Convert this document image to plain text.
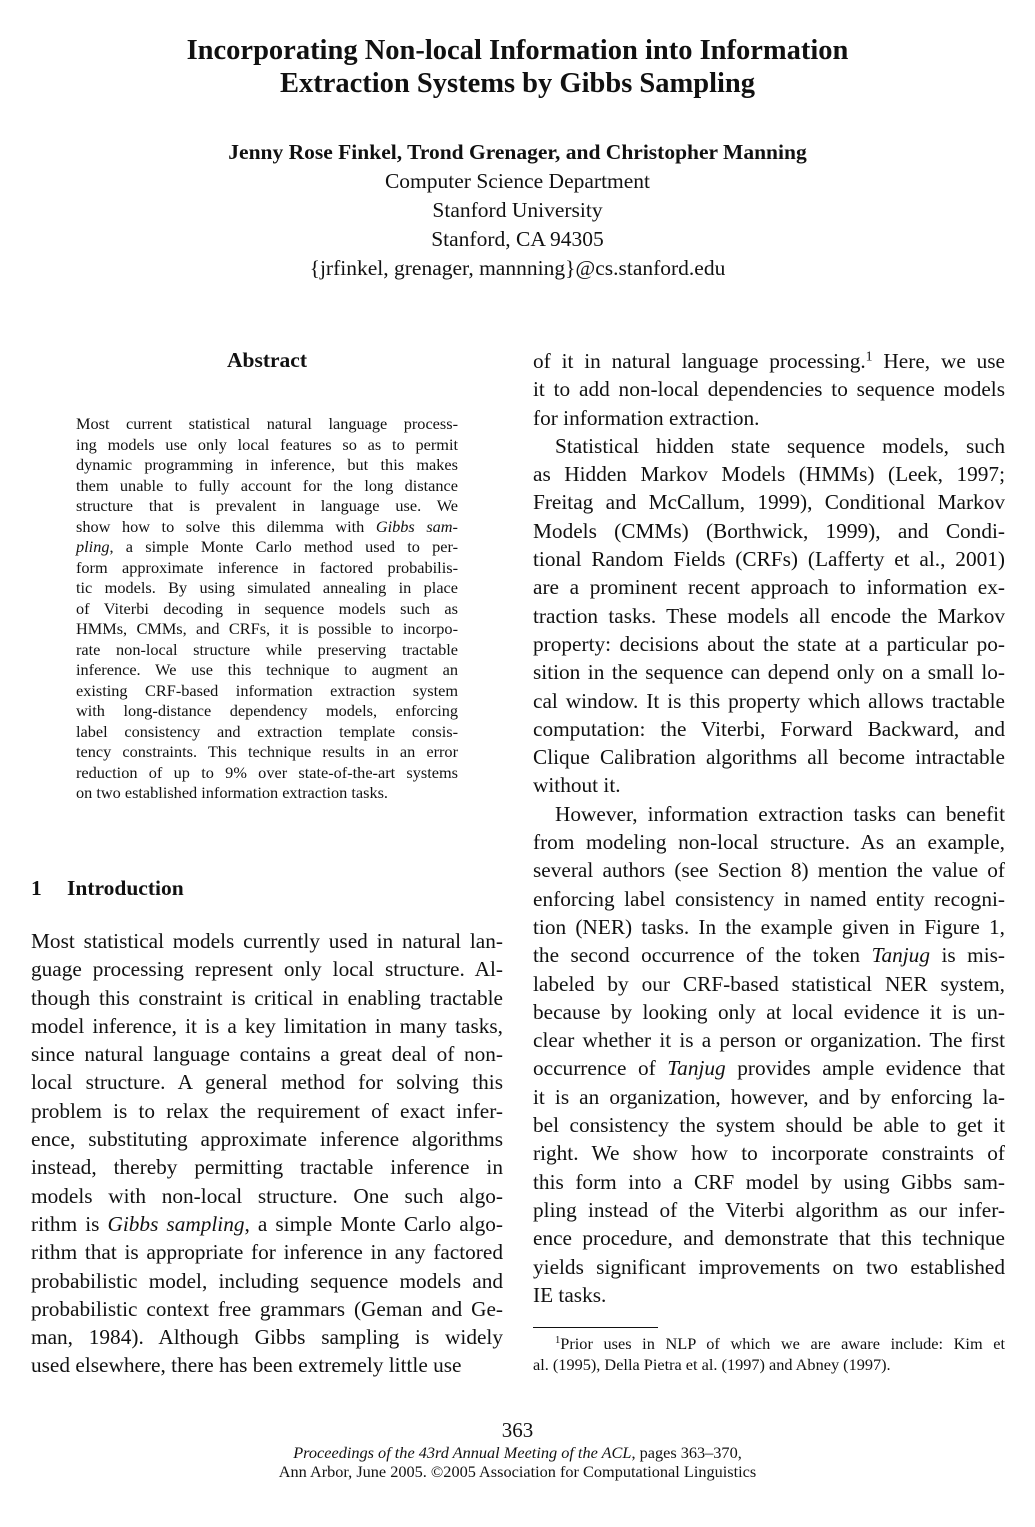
Incorporating Non-local Information into Information
Extraction Systems by Gibbs Sampling
Jenny Rose Finkel, Trond Grenager, and Christopher Manning
Computer Science Department
Stanford University
Stanford, CA 94305
{jrfinkel, grenager, mannning}@cs.stanford.edu
Abstract
Most current statistical natural language process-
ing models use only local features so as to permit
dynamic programming in inference, but this makes
them unable to fully account for the long distance
structure that is prevalent in language use. We
show how to solve this dilemma with Gibbs sam-
pling, a simple Monte Carlo method used to per-
form approximate inference in factored probabilis-
tic models. By using simulated annealing in place
of Viterbi decoding in sequence models such as
HMMs, CMMs, and CRFs, it is possible to incorpo-
rate non-local structure while preserving tractable
inference. We use this technique to augment an
existing CRF-based information extraction system
with long-distance dependency models, enforcing
label consistency and extraction template consis-
tency constraints. This technique results in an error
reduction of up to 9% over state-of-the-art systems
on two established information extraction tasks.
1 Introduction
Most statistical models currently used in natural lan-
guage processing represent only local structure. Al-
though this constraint is critical in enabling tractable
model inference, it is a key limitation in many tasks,
since natural language contains a great deal of non-
local structure. A general method for solving this
problem is to relax the requirement of exact infer-
ence, substituting approximate inference algorithms
instead, thereby permitting tractable inference in
models with non-local structure. One such algo-
rithm is Gibbs sampling, a simple Monte Carlo algo-
rithm that is appropriate for inference in any factored
probabilistic model, including sequence models and
probabilistic context free grammars (Geman and Ge-
man, 1984). Although Gibbs sampling is widely
used elsewhere, there has been extremely little use
of it in natural language processing.$^1$ Here, we use
it to add non-local dependencies to sequence models
for information extraction.
Statistical hidden state sequence models, such
as Hidden Markov Models (HMMs) (Leek, 1997;
Freitag and McCallum, 1999), Conditional Markov
Models (CMMs) (Borthwick, 1999), and Condi-
tional Random Fields (CRFs) (Lafferty et al., 2001)
are a prominent recent approach to information ex-
traction tasks. These models all encode the Markov
property: decisions about the state at a particular po-
sition in the sequence can depend only on a small lo-
cal window. It is this property which allows tractable
computation: the Viterbi, Forward Backward, and
Clique Calibration algorithms all become intractable
without it.
However, information extraction tasks can benefit
from modeling non-local structure. As an example,
several authors (see Section 8) mention the value of
enforcing label consistency in named entity recogni-
tion (NER) tasks. In the example given in Figure 1,
the second occurrence of the token Tanjug is mis-
labeled by our CRF-based statistical NER system,
because by looking only at local evidence it is un-
clear whether it is a person or organization. The first
occurrence of Tanjug provides ample evidence that
it is an organization, however, and by enforcing la-
bel consistency the system should be able to get it
right. We show how to incorporate constraints of
this form into a CRF model by using Gibbs sam-
pling instead of the Viterbi algorithm as our infer-
ence procedure, and demonstrate that this technique
yields significant improvements on two established
IE tasks.
$^1$Prior uses in NLP of which we are aware include: Kim et
al. (1995), Della Pietra et al. (1997) and Abney (1997).
363
Proceedings of the 43rd Annual Meeting of the ACL, pages 363–370,
Ann Arbor, June 2005. ©2005 Association for Computational Linguistics
